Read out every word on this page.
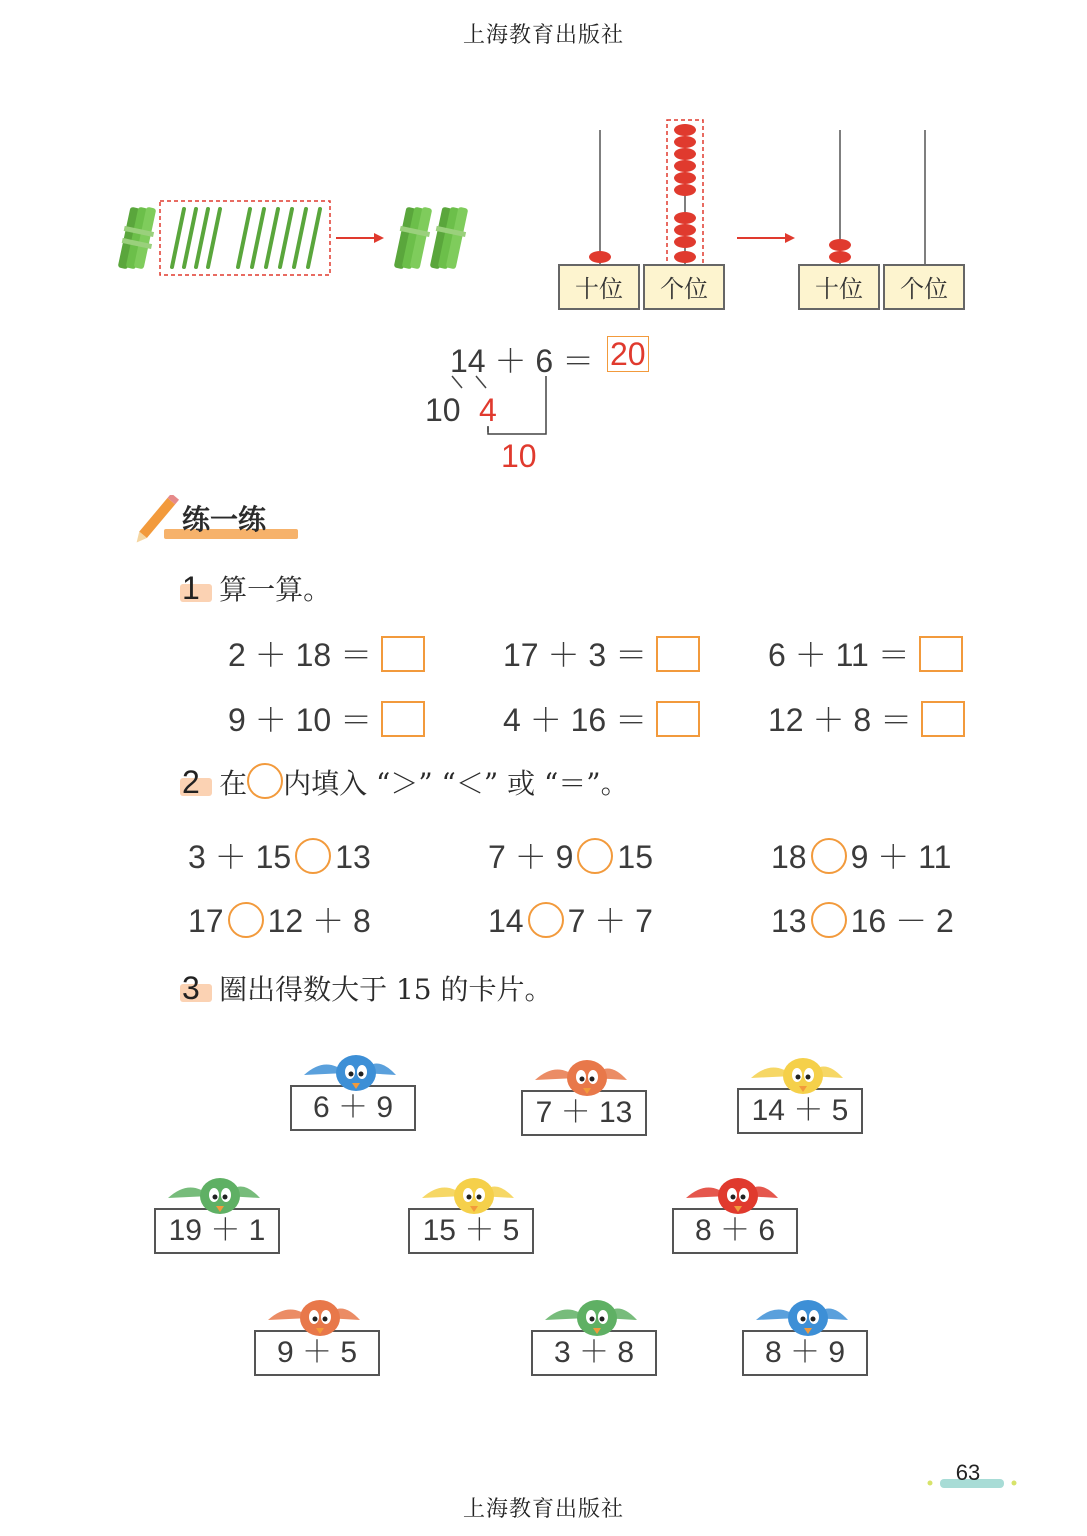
上海教育出版社
十位	个位	十位	个位
14 ＋ 6 ＝ 20
10 4
10
练一练
1 算一算。
2 ＋ 18 ＝	17 ＋ 3 ＝	6 ＋ 11 ＝
9 ＋ 10 ＝	4 ＋ 16 ＝	12 ＋ 8 ＝
2 在 内填入 “＞” “＜” 或 “＝”。
3 ＋ 15 13	7 ＋ 9 15	18 9 ＋ 11
17 12 ＋ 8	14 7 ＋ 7	13 16 － 2
3 圈出得数大于 15 的卡片。
6 ＋ 9	7 ＋ 13	14 ＋ 5
19 ＋ 1	15 ＋ 5	8 ＋ 6
9 ＋ 5	3 ＋ 8	8 ＋ 9
63
上海教育出版社
